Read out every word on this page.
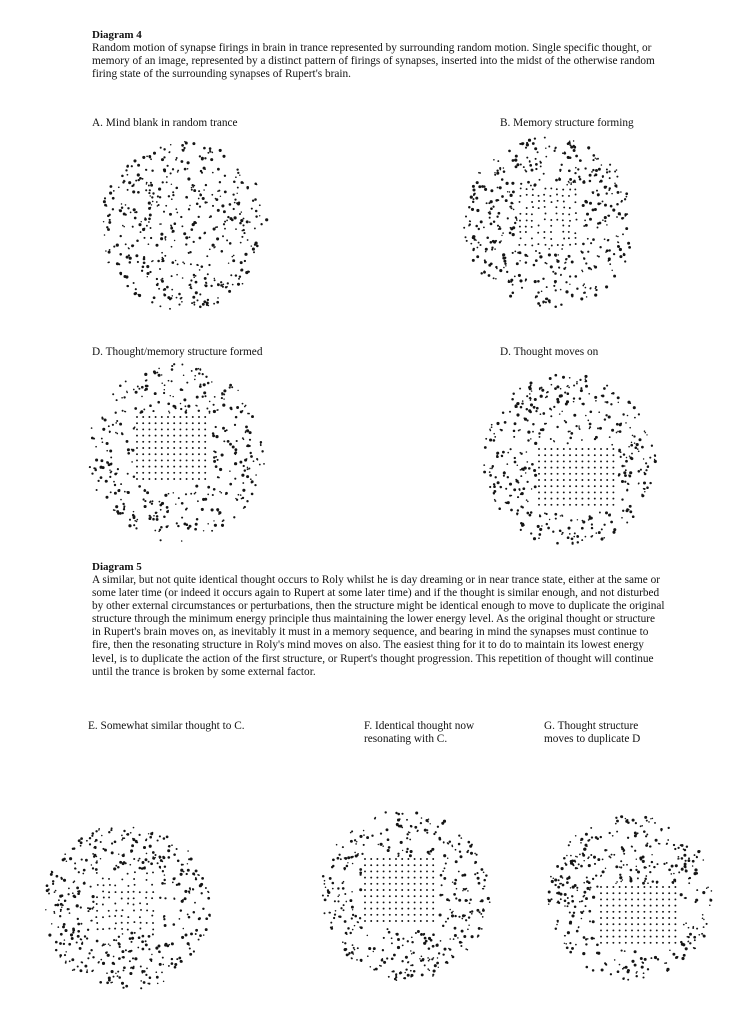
Diagram 4

Random motion of synapse firings in brain in trance represented by surrounding random motion. Single specific thought, or memory of an image, represented by a distinct pattern of firings of synapses, inserted into the midst of the otherwise random firing state of the surrounding synapses of Rupert's brain.

A. Mind blank in random trance	B. Memory structure forming
D. Thought/memory structure formed	D. Thought moves on
Diagram 5

A similar, but not quite identical thought occurs to Roly whilst he is day dreaming or in near trance state, either at the same or some later time (or indeed it occurs again to Rupert at some later time) and if the thought is similar enough, and not disturbed by other external circumstances or perturbations, then the structure might be identical enough to move to duplicate the original structure through the minimum energy principle thus maintaining the lower energy level. As the original thought or structure in Rupert's brain moves on, as inevitably it must in a memory sequence, and bearing in mind the synapses must continue to fire, then the resonating structure in Roly's mind moves on also. The easiest thing for it to do to maintain its lowest energy level, is to duplicate the action of the first structure, or Rupert's thought progression. This repetition of thought will continue until the trance is broken by some external factor.

E. Somewhat similar thought to C.	F. Identical thought now
resonating with C.
G. Thought structure
moves to duplicate D
